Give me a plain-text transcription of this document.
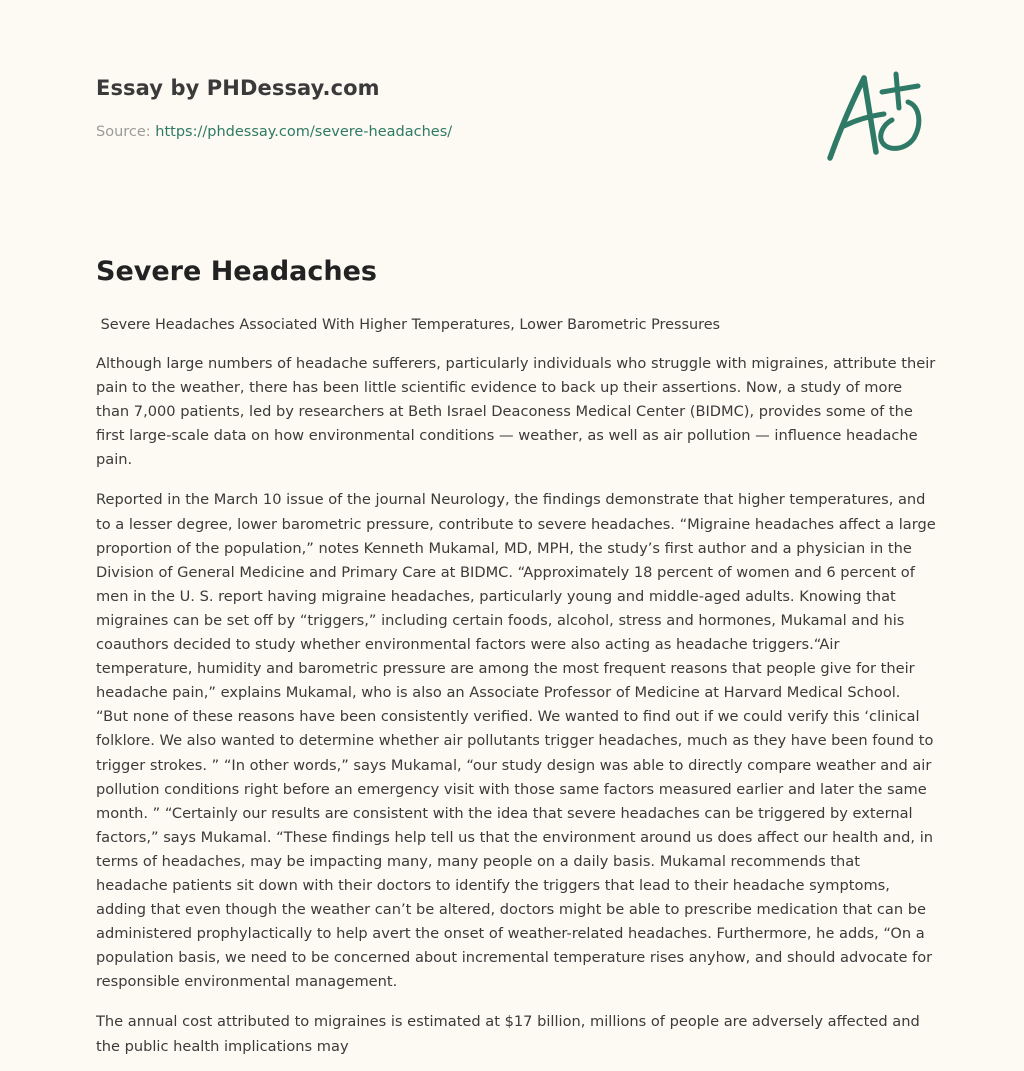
Essay by PHDessay.com
Source: https://phdessay.com/severe-headaches/
Severe Headaches
Severe Headaches Associated With Higher Temperatures, Lower Barometric Pressures

Although large numbers of headache sufferers, particularly individuals who struggle with migraines, attribute their pain to the weather, there has been little scientific evidence to back up their assertions. Now, a study of more than 7,000 patients, led by researchers at Beth Israel Deaconess Medical Center (BIDMC), provides some of the first large-scale data on how environmental conditions — weather, as well as air pollution — influence headache pain.

Reported in the March 10 issue of the journal Neurology, the findings demonstrate that higher temperatures, and to a lesser degree, lower barometric pressure, contribute to severe headaches. “Migraine headaches affect a large proportion of the population,” notes Kenneth Mukamal, MD, MPH, the study’s first author and a physician in the Division of General Medicine and Primary Care at BIDMC. “Approximately 18 percent of women and 6 percent of men in the U. S. report having migraine headaches, particularly young and middle-aged adults. Knowing that migraines can be set off by “triggers,” including certain foods, alcohol, stress and hormones, Mukamal and his coauthors decided to study whether environmental factors were also acting as headache triggers.“Air temperature, humidity and barometric pressure are among the most frequent reasons that people give for their headache pain,” explains Mukamal, who is also an Associate Professor of Medicine at Harvard Medical School. “But none of these reasons have been consistently verified. We wanted to find out if we could verify this ‘clinical folklore. We also wanted to determine whether air pollutants trigger headaches, much as they have been found to trigger strokes. ” “In other words,” says Mukamal, “our study design was able to directly compare weather and air pollution conditions right before an emergency visit with those same factors measured earlier and later the same month. ” “Certainly our results are consistent with the idea that severe headaches can be triggered by external factors,” says Mukamal. “These findings help tell us that the environment around us does affect our health and, in terms of headaches, may be impacting many, many people on a daily basis. Mukamal recommends that headache patients sit down with their doctors to identify the triggers that lead to their headache symptoms, adding that even though the weather can’t be altered, doctors might be able to prescribe medication that can be administered prophylactically to help avert the onset of weather-related headaches. Furthermore, he adds, “On a population basis, we need to be concerned about incremental temperature rises anyhow, and should advocate for responsible environmental management.

The annual cost attributed to migraines is estimated at $17 billion, millions of people are adversely affected and the public health implications may
